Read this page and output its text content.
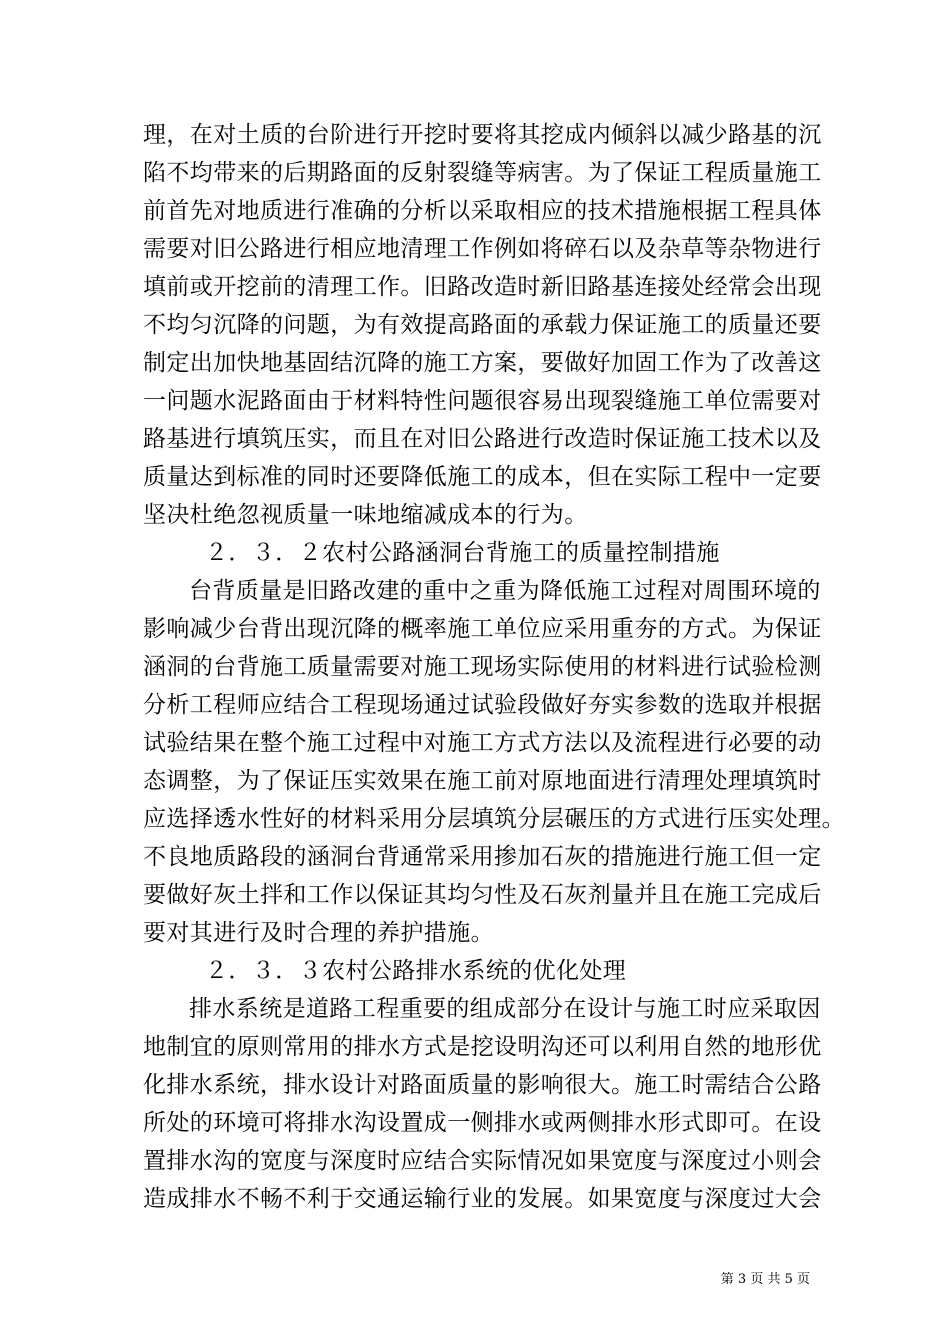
理，在对土质的台阶进行开挖时要将其挖成内倾斜以减少路基的沉
陷不均带来的后期路面的反射裂缝等病害。为了保证工程质量施工
前首先对地质进行准确的分析以采取相应的技术措施根据工程具体
需要对旧公路进行相应地清理工作例如将碎石以及杂草等杂物进行
填前或开挖前的清理工作。旧路改造时新旧路基连接处经常会出现
不均匀沉降的问题，为有效提高路面的承载力保证施工的质量还要
制定出加快地基固结沉降的施工方案，要做好加固工作为了改善这
一问题水泥路面由于材料特性问题很容易出现裂缝施工单位需要对
路基进行填筑压实，而且在对旧公路进行改造时保证施工技术以及
质量达到标准的同时还要降低施工的成本，但在实际工程中一定要
坚决杜绝忽视质量一味地缩减成本的行为。
２．３．２农村公路涵洞台背施工的质量控制措施
台背质量是旧路改建的重中之重为降低施工过程对周围环境的
影响减少台背出现沉降的概率施工单位应采用重夯的方式。为保证
涵洞的台背施工质量需要对施工现场实际使用的材料进行试验检测
分析工程师应结合工程现场通过试验段做好夯实参数的选取并根据
试验结果在整个施工过程中对施工方式方法以及流程进行必要的动
态调整，为了保证压实效果在施工前对原地面进行清理处理填筑时
应选择透水性好的材料采用分层填筑分层碾压的方式进行压实处理。
不良地质路段的涵洞台背通常采用掺加石灰的措施进行施工但一定
要做好灰土拌和工作以保证其均匀性及石灰剂量并且在施工完成后
要对其进行及时合理的养护措施。
２．３．３农村公路排水系统的优化处理
排水系统是道路工程重要的组成部分在设计与施工时应采取因
地制宜的原则常用的排水方式是挖设明沟还可以利用自然的地形优
化排水系统，排水设计对路面质量的影响很大。施工时需结合公路
所处的环境可将排水沟设置成一侧排水或两侧排水形式即可。在设
置排水沟的宽度与深度时应结合实际情况如果宽度与深度过小则会
造成排水不畅不利于交通运输行业的发展。如果宽度与深度过大会
第 3 页 共 5 页
